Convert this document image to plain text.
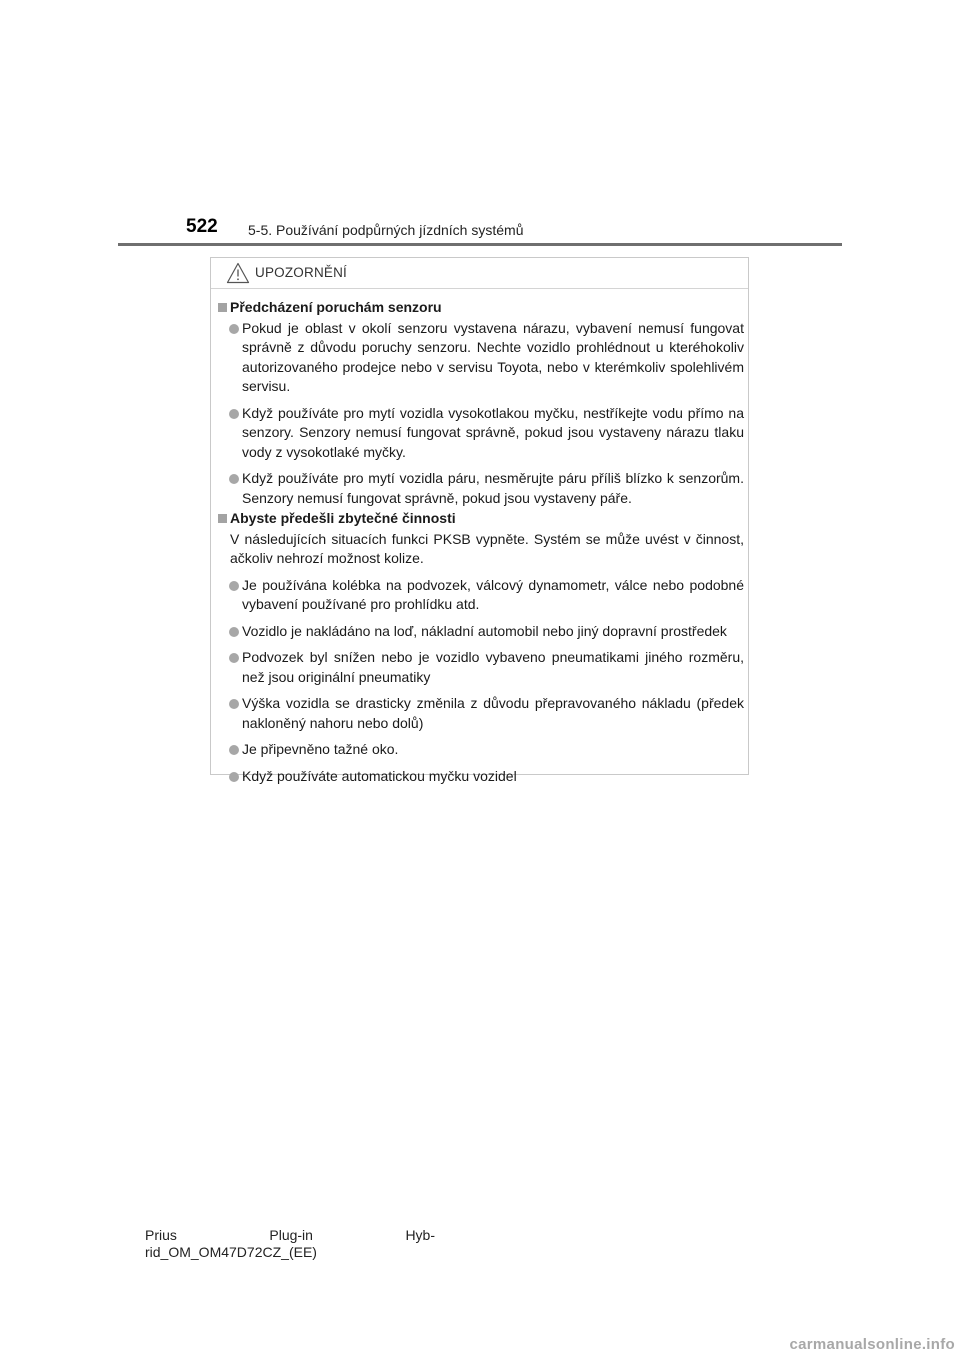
522 5-5. Používání podpůrných jízdních systémů
UPOZORNĚNÍ
Předcházení poruchám senzoru
Pokud je oblast v okolí senzoru vystavena nárazu, vybavení nemusí fungovat správně z důvodu poruchy senzoru. Nechte vozidlo prohlédnout u kteréhokoliv autorizovaného prodejce nebo v servisu Toyota, nebo v kterémkoliv spolehlivém servisu.
Když používáte pro mytí vozidla vysokotlakou myčku, nestříkejte vodu přímo na senzory. Senzory nemusí fungovat správně, pokud jsou vystaveny nárazu tlaku vody z vysokotlaké myčky.
Když používáte pro mytí vozidla páru, nesměrujte páru příliš blízko k senzorům. Senzory nemusí fungovat správně, pokud jsou vystaveny páře.
Abyste předešli zbytečné činnosti
V následujících situacích funkci PKSB vypněte. Systém se může uvést v činnost, ačkoliv nehrozí možnost kolize.
Je používána kolébka na podvozek, válcový dynamometr, válce nebo podobné vybavení používané pro prohlídku atd.
Vozidlo je nakládáno na loď, nákladní automobil nebo jiný dopravní prostředek
Podvozek byl snížen nebo je vozidlo vybaveno pneumatikami jiného rozměru, než jsou originální pneumatiky
Výška vozidla se drasticky změnila z důvodu přepravovaného nákladu (předek nakloněný nahoru nebo dolů)
Je připevněno tažné oko.
Když používáte automatickou myčku vozidel
Prius	Plug-in	Hyb-
rid_OM_OM47D72CZ_(EE)
carmanualsonline.info
